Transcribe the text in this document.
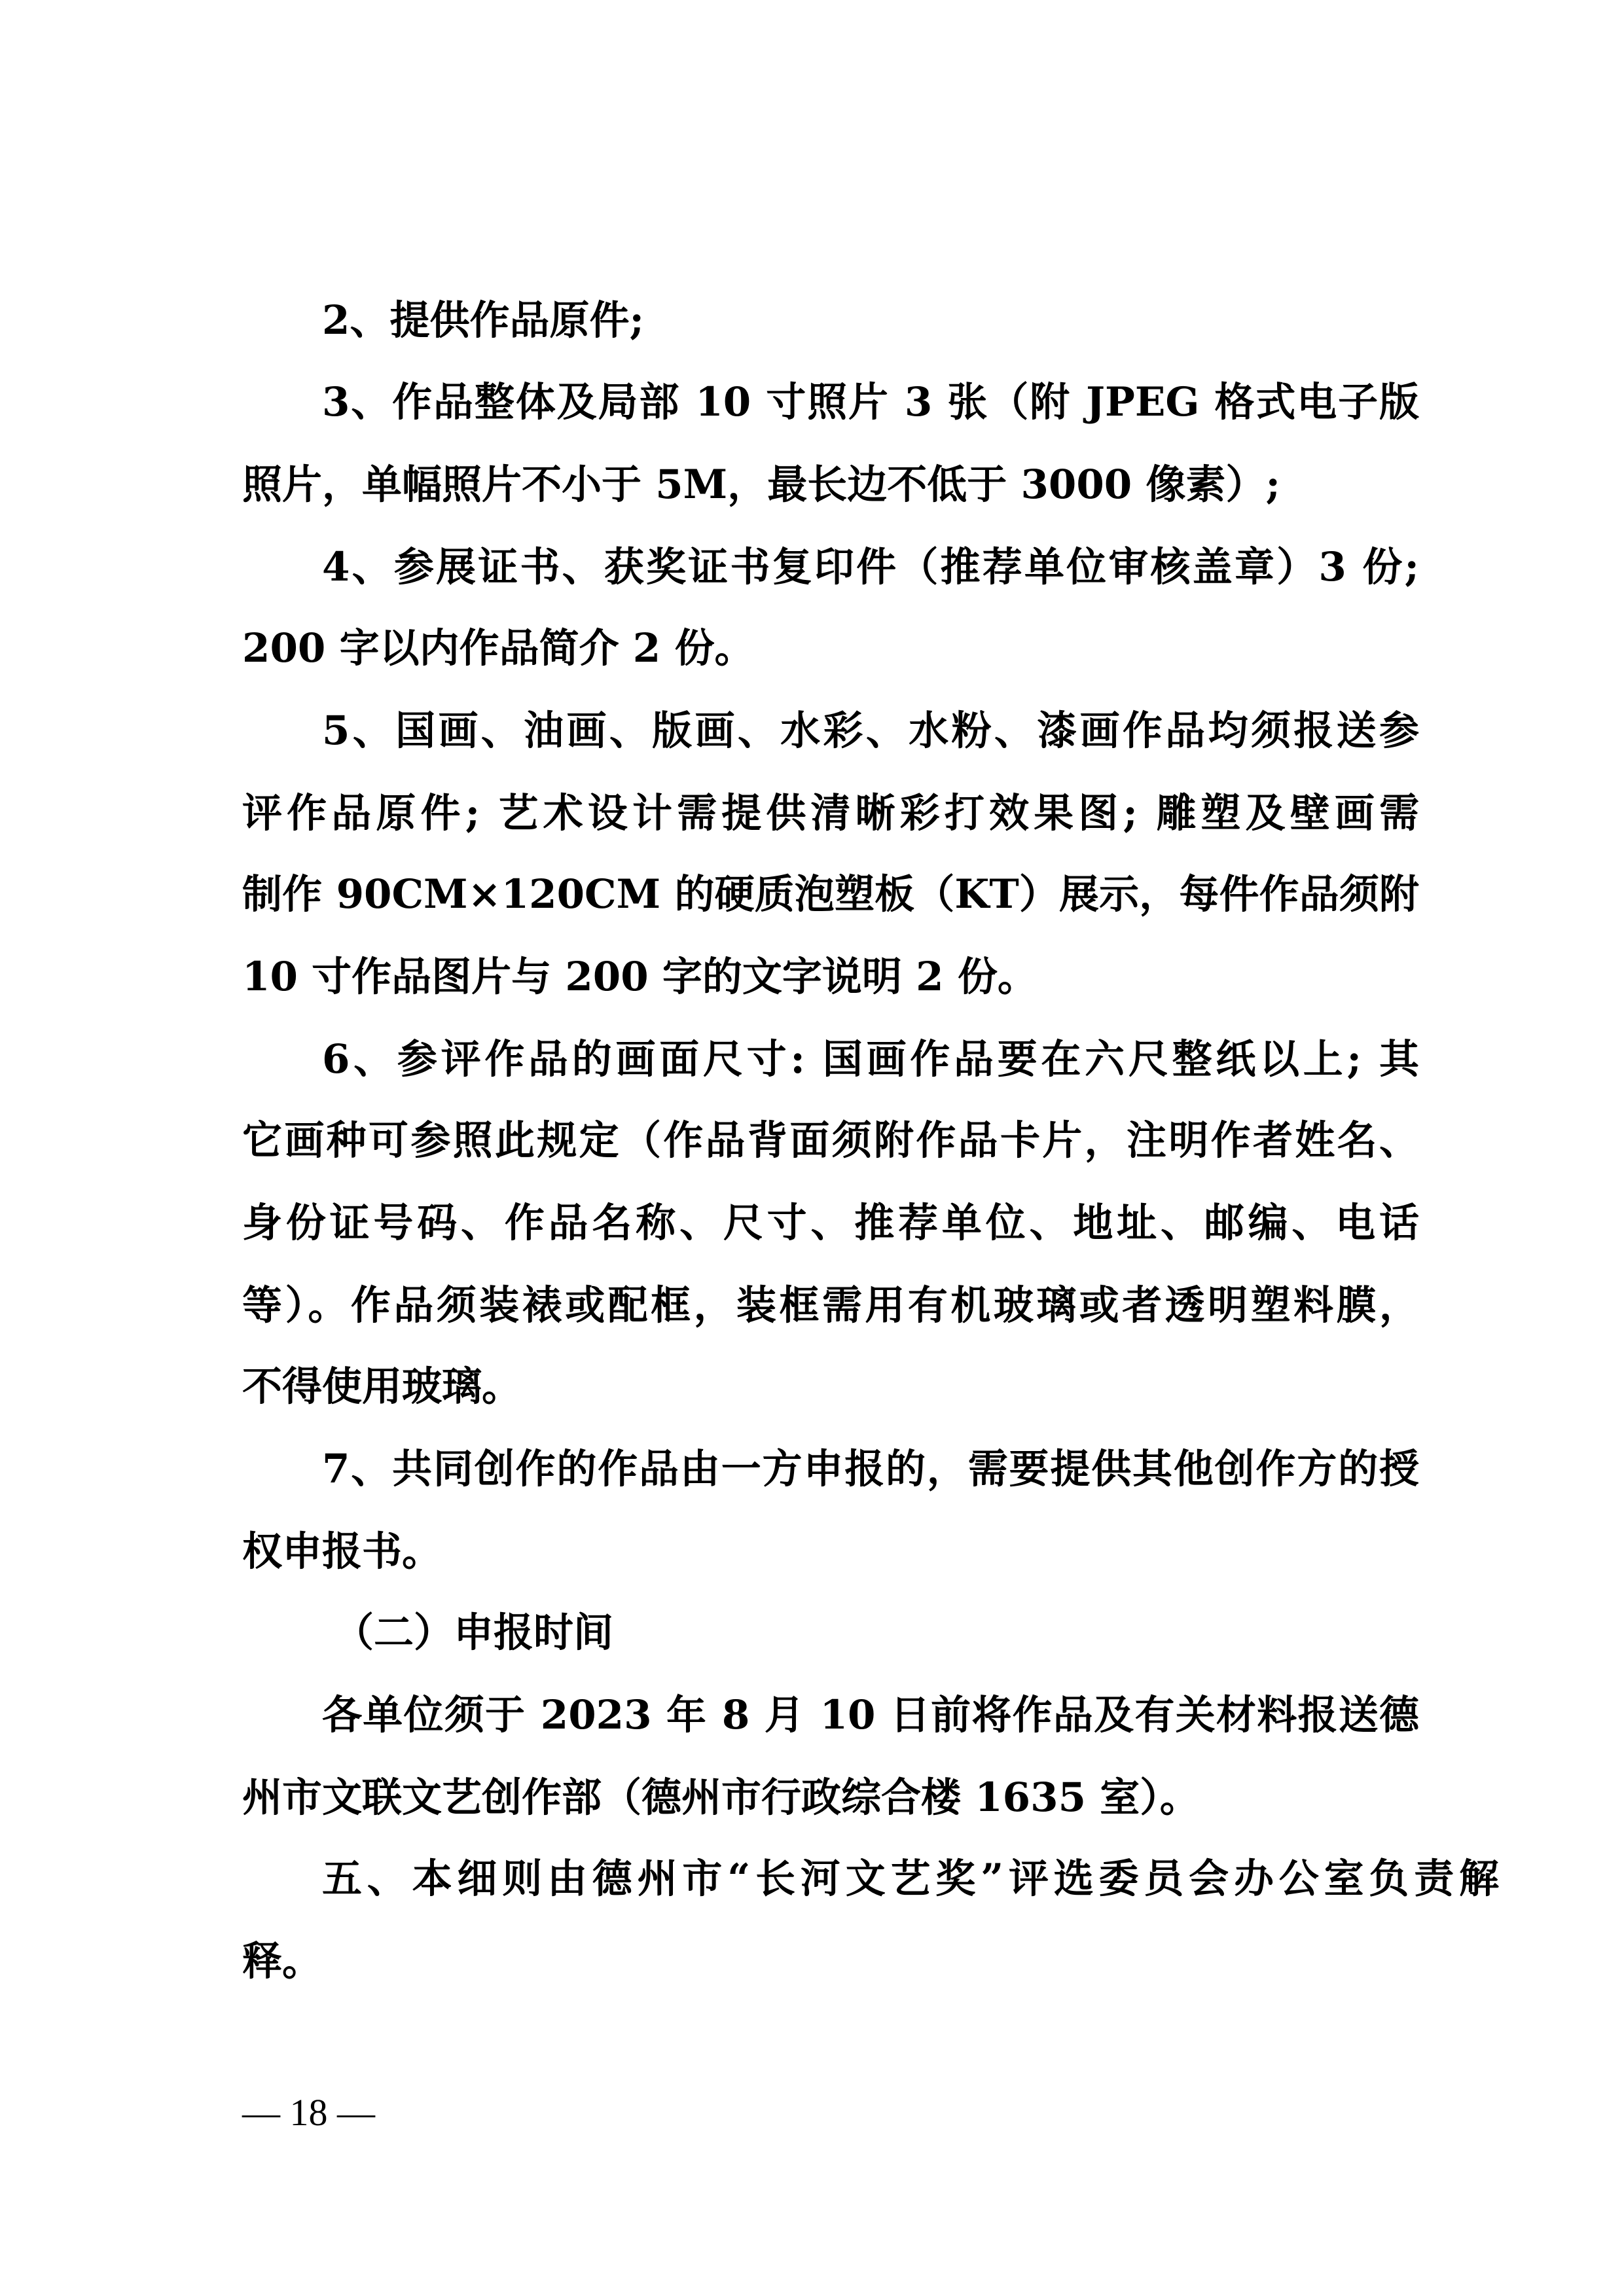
2、提供作品原件;
3、作品整体及局部 10 寸照片 3 张（附 JPEG 格式电子版
照片，单幅照片不小于 5M，最长边不低于 3000 像素）;
4、参展证书、获奖证书复印件（推荐单位审核盖章）3 份;
200 字以内作品简介 2 份。
5、国画、油画、版画、水彩、水粉、漆画作品均须报送参
评作品原件; 艺术设计需提供清晰彩打效果图; 雕塑及壁画需
制作 90CM×120CM 的硬质泡塑板（KT）展示，每件作品须附
10 寸作品图片与 200 字的文字说明 2 份。
6、参评作品的画面尺寸: 国画作品要在六尺整纸以上; 其
它画种可参照此规定（作品背面须附作品卡片，注明作者姓名、
身份证号码、作品名称、尺寸、推荐单位、地址、邮编、电话
等）。作品须装裱或配框，装框需用有机玻璃或者透明塑料膜，
不得使用玻璃。
7、共同创作的作品由一方申报的，需要提供其他创作方的授
权申报书。
（二）申报时间
各单位须于 2023 年 8 月 10 日前将作品及有关材料报送德
州市文联文艺创作部（德州市行政综合楼 1635 室）。
五、本细则由德州市“长河文艺奖”评选委员会办公室负责解
释。
— 18 —
